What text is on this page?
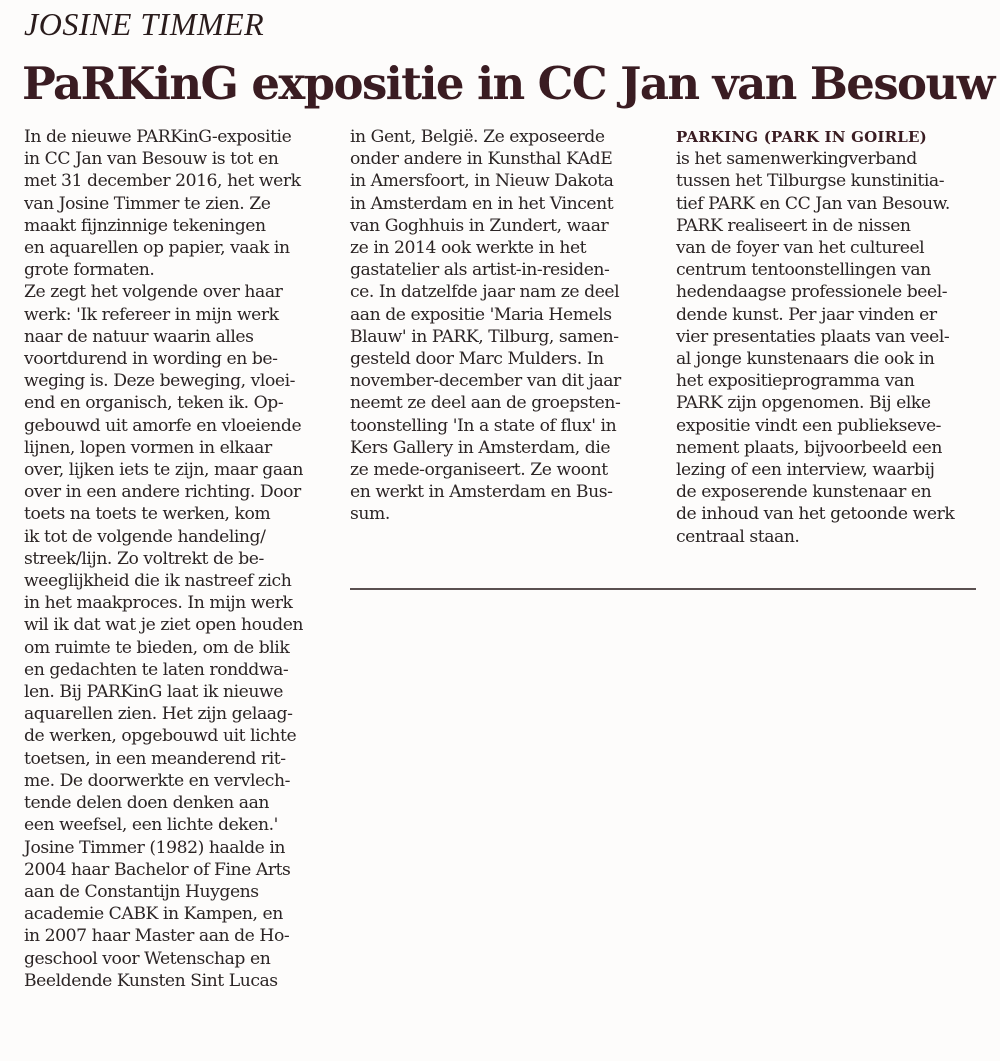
JOSINE TIMMER
PaRKinG expositie in CC Jan van Besouw
In de nieuwe PARKinG-expositie
in CC Jan van Besouw is tot en
met 31 december 2016, het werk
van Josine Timmer te zien. Ze
maakt fijnzinnige tekeningen
en aquarellen op papier, vaak in
grote formaten.
Ze zegt het volgende over haar
werk: 'Ik refereer in mijn werk
naar de natuur waarin alles
voortdurend in wording en be-
weging is. Deze beweging, vloei-
end en organisch, teken ik. Op-
gebouwd uit amorfe en vloeiende
lijnen, lopen vormen in elkaar
over, lijken iets te zijn, maar gaan
over in een andere richting. Door
toets na toets te werken, kom
ik tot de volgende handeling/
streek/lijn. Zo voltrekt de be-
weeglijkheid die ik nastreef zich
in het maakproces. In mijn werk
wil ik dat wat je ziet open houden
om ruimte te bieden, om de blik
en gedachten te laten ronddwa-
len. Bij PARKinG laat ik nieuwe
aquarellen zien. Het zijn gelaag-
de werken, opgebouwd uit lichte
toetsen, in een meanderend rit-
me. De doorwerkte en vervlech-
tende delen doen denken aan
een weefsel, een lichte deken.'
Josine Timmer (1982) haalde in
2004 haar Bachelor of Fine Arts
aan de Constantijn Huygens
academie CABK in Kampen, en
in 2007 haar Master aan de Ho-
geschool voor Wetenschap en
Beeldende Kunsten Sint Lucas
in Gent, België. Ze exposeerde
onder andere in Kunsthal KAdE
in Amersfoort, in Nieuw Dakota
in Amsterdam en in het Vincent
van Goghhuis in Zundert, waar
ze in 2014 ook werkte in het
gastatelier als artist-in-residen-
ce. In datzelfde jaar nam ze deel
aan de expositie 'Maria Hemels
Blauw' in PARK, Tilburg, samen-
gesteld door Marc Mulders. In
november-december van dit jaar
neemt ze deel aan de groepsten-
toonstelling 'In a state of flux' in
Kers Gallery in Amsterdam, die
ze mede-organiseert. Ze woont
en werkt in Amsterdam en Bus-
sum.
PARKING (PARK IN GOIRLE)
is het samenwerkingverband
tussen het Tilburgse kunstinitia-
tief PARK en CC Jan van Besouw.
PARK realiseert in de nissen
van de foyer van het cultureel
centrum tentoonstellingen van
hedendaagse professionele beel-
dende kunst. Per jaar vinden er
vier presentaties plaats van veel-
al jonge kunstenaars die ook in
het expositieprogramma van
PARK zijn opgenomen. Bij elke
expositie vindt een publiekseve-
nement plaats, bijvoorbeeld een
lezing of een interview, waarbij
de exposerende kunstenaar en
de inhoud van het getoonde werk
centraal staan.
